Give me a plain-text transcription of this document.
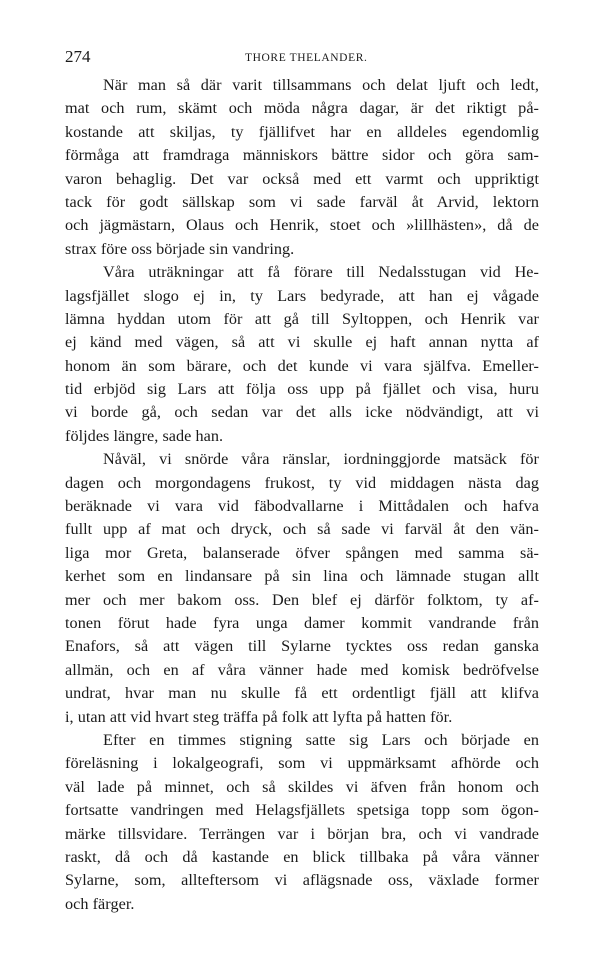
274	THORE THELANDER.
När man så där varit tillsammans och delat ljuft och ledt,
mat och rum, skämt och möda några dagar, är det riktigt på-
kostande att skiljas, ty fjällifvet har en alldeles egendomlig
förmåga att framdraga människors bättre sidor och göra sam-
varon behaglig. Det var också med ett varmt och uppriktigt
tack för godt sällskap som vi sade farväl åt Arvid, lektorn
och jägmästarn, Olaus och Henrik, stoet och »lillhästen», då de
strax före oss började sin vandring.
Våra uträkningar att få förare till Nedalsstugan vid He-
lagsfjället slogo ej in, ty Lars bedyrade, att han ej vågade
lämna hyddan utom för att gå till Syltoppen, och Henrik var
ej känd med vägen, så att vi skulle ej haft annan nytta af
honom än som bärare, och det kunde vi vara själfva. Emeller-
tid erbjöd sig Lars att följa oss upp på fjället och visa, huru
vi borde gå, och sedan var det alls icke nödvändigt, att vi
följdes längre, sade han.
Nåväl, vi snörde våra ränslar, iordninggjorde matsäck för
dagen och morgondagens frukost, ty vid middagen nästa dag
beräknade vi vara vid fäbodvallarne i Mittådalen och hafva
fullt upp af mat och dryck, och så sade vi farväl åt den vän-
liga mor Greta, balanserade öfver spången med samma sä-
kerhet som en lindansare på sin lina och lämnade stugan allt
mer och mer bakom oss. Den blef ej därför folktom, ty af-
tonen förut hade fyra unga damer kommit vandrande från
Enafors, så att vägen till Sylarne tycktes oss redan ganska
allmän, och en af våra vänner hade med komisk bedröfvelse
undrat, hvar man nu skulle få ett ordentligt fjäll att klifva
i, utan att vid hvart steg träffa på folk att lyfta på hatten för.
Efter en timmes stigning satte sig Lars och började en
föreläsning i lokalgeografi, som vi uppmärksamt afhörde och
väl lade på minnet, och så skildes vi äfven från honom och
fortsatte vandringen med Helagsfjällets spetsiga topp som ögon-
märke tillsvidare. Terrängen var i början bra, och vi vandrade
raskt, då och då kastande en blick tillbaka på våra vänner
Sylarne, som, allteftersom vi aflägsnade oss, växlade former
och färger.
